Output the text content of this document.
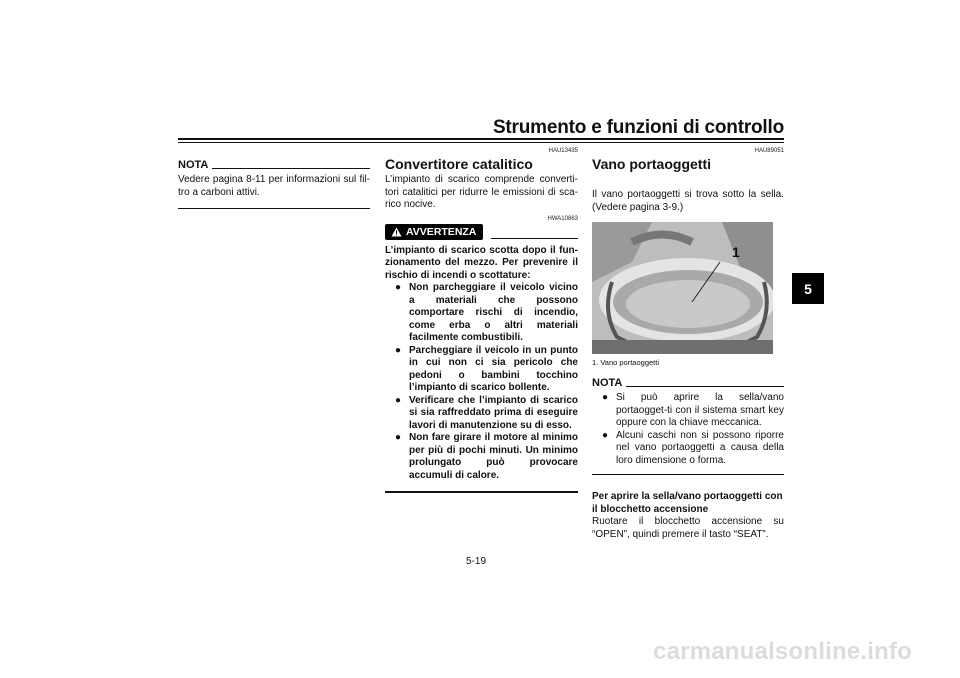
Strumento e funzioni di controllo
5
NOTA
Vedere pagina 8-11 per informazioni sul fil-tro a carboni attivi.
HAU13435
Convertitore catalitico
L’impianto di scarico comprende converti-tori catalitici per ridurre le emissioni di sca-rico nocive.
HWA10863
AVVERTENZA
L’impianto di scarico scotta dopo il fun-zionamento del mezzo. Per prevenire il rischio di incendi o scottature:
● Non parcheggiare il veicolo vicino a materiali che possono comportare rischi di incendio, come erba o altri materiali facilmente combustibili.
● Parcheggiare il veicolo in un punto in cui non ci sia pericolo che pedoni o bambini tocchino l’impianto di scarico bollente.
● Verificare che l’impianto di scarico si sia raffreddato prima di eseguire lavori di manutenzione su di esso.
● Non fare girare il motore al minimo per più di pochi minuti. Un minimo prolungato può provocare accumuli di calore.
HAU89051
Vano portaoggetti
Il vano portaoggetti si trova sotto la sella. (Vedere pagina 3-9.)
1
1. Vano portaoggetti
NOTA
● Si può aprire la sella/vano portaogget-ti con il sistema smart key oppure con la chiave meccanica.
● Alcuni caschi non si possono riporre nel vano portaoggetti a causa della loro dimensione o forma.
Per aprire la sella/vano portaoggetti con il blocchetto accensione
Ruotare il blocchetto accensione su “OPEN”, quindi premere il tasto “SEAT”.
5-19
carmanualsonline.info
